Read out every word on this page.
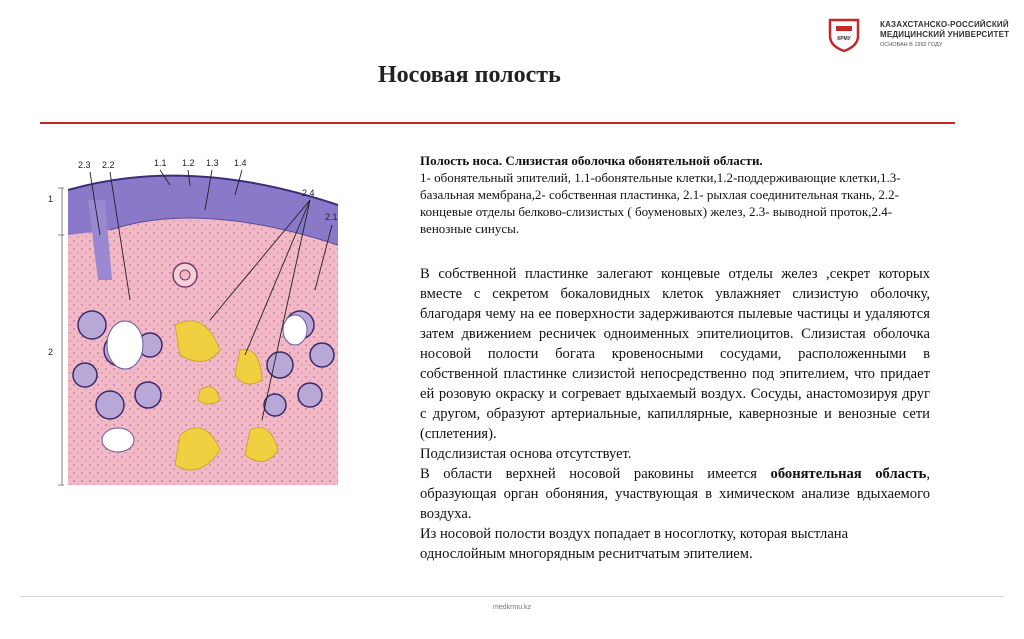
КРМУ
КАЗАХСТАНСКО-РОССИЙСКИЙ
МЕДИЦИНСКИЙ УНИВЕРСИТЕТ
ОСНОВАН В 1992 ГОДУ
Носовая полость
2.3 2.2	1.1 1.2 1.3 1.4
2.4
2.1
1
2
Полость носа. Слизистая оболочка обонятельной области.
1- обонятельный эпителий, 1.1-обонятельные клетки,1.2-поддерживающие клетки,1.3- базальная мембрана,2- собственная пластинка, 2.1- рыхлая соединительная ткань, 2.2-концевые отделы белково-слизистых ( боуменовых) желез, 2.3- выводной проток,2.4-венозные синусы.

В собственной пластинке залегают концевые отделы желез ,секрет которых вместе с секретом бокаловидных клеток увлажняет слизистую оболочку, благодаря чему на ее поверхности задерживаются пылевые частицы и удаляются затем движением ресничек одноименных эпителиоцитов. Слизистая оболочка носовой полости богата кровеносными сосудами, расположенными в собственной пластинке слизистой непосредственно под эпителием, что придает ей розовую окраску и согревает вдыхаемый воздух. Сосуды, анастомозируя друг с другом, образуют артериальные, капиллярные, кавернозные и венозные сети (сплетения).

Подслизистая основа отсутствует.

В области верхней носовой раковины имеется обонятельная область, образующая орган обоняния, участвующая в химическом анализе вдыхаемого воздуха.

Из носовой полости воздух попадает в носоглотку, которая выстлана однослойным многорядным реснитчатым эпителием.

medkrmu.kz
